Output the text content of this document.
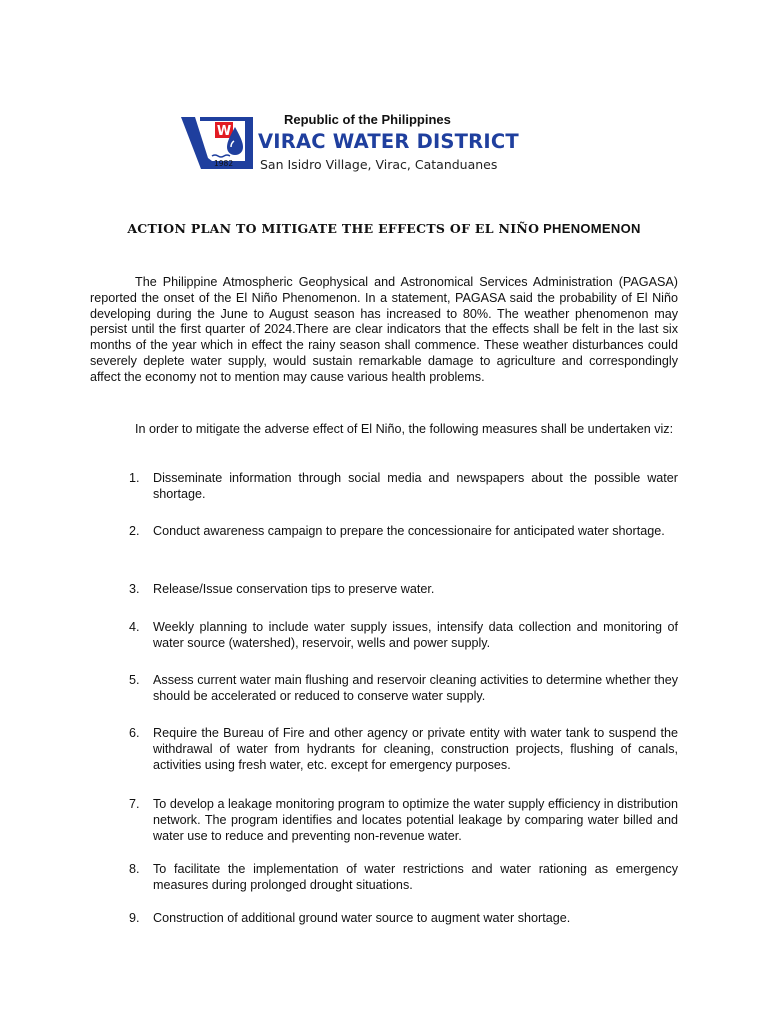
W
1982
Republic of the Philippines
VIRAC WATER DISTRICT
San Isidro Village, Virac, Catanduanes
ACTION PLAN TO MITIGATE THE EFFECTS OF EL NIÑO PHENOMENON
The Philippine Atmospheric Geophysical and Astronomical Services Administration (PAGASA) reported the onset of the El Niño Phenomenon. In a statement, PAGASA said the probability of El Niño developing during the June to August season has increased to 80%. The weather phenomenon may persist until the first quarter of 2024.There are clear indicators that the effects shall be felt in the last six months of the year which in effect the rainy season shall commence. These weather disturbances could severely deplete water supply, would sustain remarkable damage to agriculture and correspondingly affect the economy not to mention may cause various health problems.
In order to mitigate the adverse effect of El Niño, the following measures shall be undertaken viz:
1.	Disseminate information through social media and newspapers about the possible water shortage.
2.	Conduct awareness campaign to prepare the concessionaire for anticipated water shortage.
3.	Release/Issue conservation tips to preserve water.
4.	Weekly planning to include water supply issues, intensify data collection and monitoring of water source (watershed), reservoir, wells and power supply.
5.	Assess current water main flushing and reservoir cleaning activities to determine whether they should be accelerated or reduced to conserve water supply.
6.	Require the Bureau of Fire and other agency or private entity with water tank to suspend the withdrawal of water from hydrants for cleaning, construction projects, flushing of canals, activities using fresh water, etc. except for emergency purposes.
7.	To develop a leakage monitoring program to optimize the water supply efficiency in distribution network. The program identifies and locates potential leakage by comparing water billed and water use to reduce and preventing non-revenue water.
8.	To facilitate the implementation of water restrictions and water rationing as emergency measures during prolonged drought situations.
9.	Construction of additional ground water source to augment water shortage.
